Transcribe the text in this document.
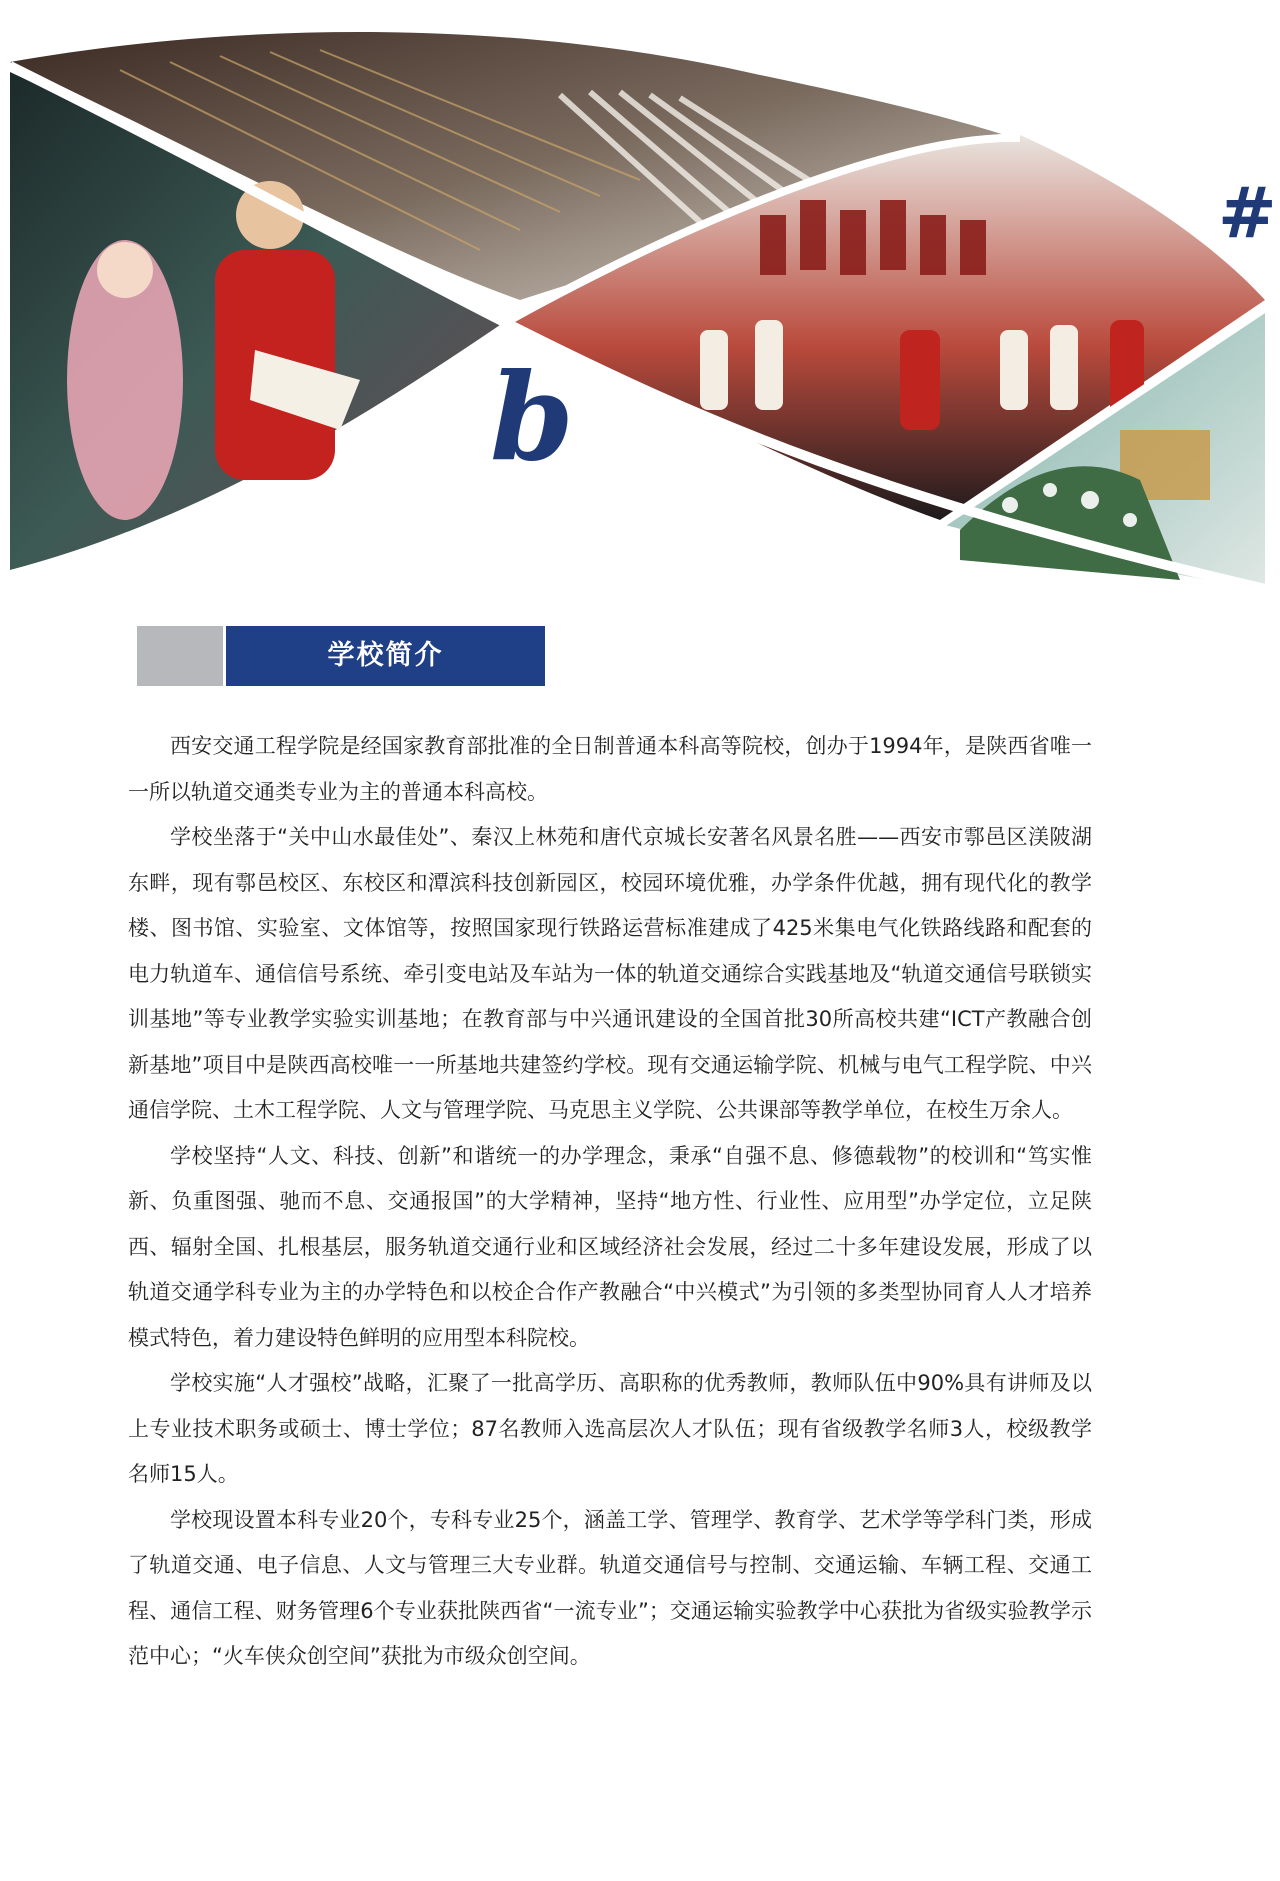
#
b
学校简介

西安交通工程学院是经国家教育部批准的全日制普通本科高等院校，创办于1994年，是陕西省唯一一所以轨道交通类专业为主的普通本科高校。

学校坐落于“关中山水最佳处”、秦汉上林苑和唐代京城长安著名风景名胜——西安市鄠邑区渼陂湖东畔，现有鄠邑校区、东校区和潭滨科技创新园区，校园环境优雅，办学条件优越，拥有现代化的教学楼、图书馆、实验室、文体馆等，按照国家现行铁路运营标准建成了425米集电气化铁路线路和配套的电力轨道车、通信信号系统、牵引变电站及车站为一体的轨道交通综合实践基地及“轨道交通信号联锁实训基地”等专业教学实验实训基地；在教育部与中兴通讯建设的全国首批30所高校共建“ICT产教融合创新基地”项目中是陕西高校唯一一所基地共建签约学校。现有交通运输学院、机械与电气工程学院、中兴通信学院、土木工程学院、人文与管理学院、马克思主义学院、公共课部等教学单位，在校生万余人。

学校坚持“人文、科技、创新”和谐统一的办学理念，秉承“自强不息、修德载物”的校训和“笃实惟新、负重图强、驰而不息、交通报国”的大学精神，坚持“地方性、行业性、应用型”办学定位，立足陕西、辐射全国、扎根基层，服务轨道交通行业和区域经济社会发展，经过二十多年建设发展，形成了以轨道交通学科专业为主的办学特色和以校企合作产教融合“中兴模式”为引领的多类型协同育人人才培养模式特色，着力建设特色鲜明的应用型本科院校。

学校实施“人才强校”战略，汇聚了一批高学历、高职称的优秀教师，教师队伍中90%具有讲师及以上专业技术职务或硕士、博士学位；87名教师入选高层次人才队伍；现有省级教学名师3人，校级教学名师15人。

学校现设置本科专业20个，专科专业25个，涵盖工学、管理学、教育学、艺术学等学科门类，形成了轨道交通、电子信息、人文与管理三大专业群。轨道交通信号与控制、交通运输、车辆工程、交通工程、通信工程、财务管理6个专业获批陕西省“一流专业”；交通运输实验教学中心获批为省级实验教学示范中心；“火车侠众创空间”获批为市级众创空间。
